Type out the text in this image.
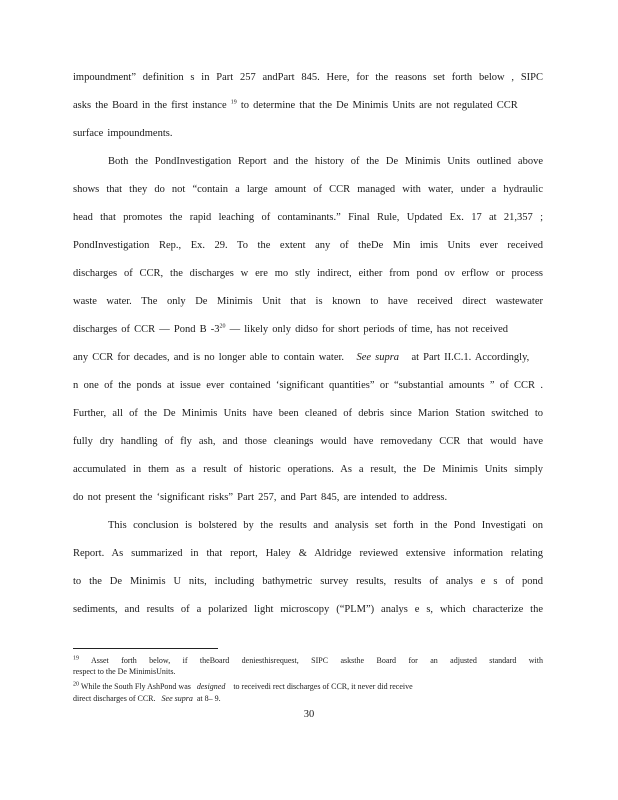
impoundment” definition s in Part 257 andPart 845. Here, for the reasons set forth below , SIPC
asks the Board in the first instance $^{19}$ to determine that the De Minimis Units are not regulated CCR
surface impoundments.
Both the PondInvestigation Report and the history of the De Minimis Units outlined above
shows that they do not “contain a large amount of CCR managed with water, under a hydraulic
head that promotes the rapid leaching of contaminants.” Final Rule, Updated Ex. 17 at 21,357 ;
PondInvestigation Rep., Ex. 29. To the extent any of theDe Min imis Units ever received
discharges of CCR, the discharges w ere mo stly indirect, either from pond ov erflow or process
waste water. The only De Minimis Unit that is known to have received direct wastewater
discharges of CCR — Pond B -3$^{20}$ — likely only didso for short periods of time, has not received
any CCR for decades, and is no longer able to contain water. See supra at Part II.C.1. Accordingly,
n one of the ponds at issue ever contained ‘significant quantities” or “substantial amounts ” of CCR .
Further, all of the De Minimis Units have been cleaned of debris since Marion Station switched to
fully dry handling of fly ash, and those cleanings would have removedany CCR that would have
accumulated in them as a result of historic operations. As a result, the De Minimis Units simply
do not present the ‘significant risks” Part 257, and Part 845, are intended to address.
This conclusion is bolstered by the results and analysis set forth in the Pond Investigati on
Report. As summarized in that report, Haley & Aldridge reviewed extensive information relating
to the De Minimis U nits, including bathymetric survey results, results of analys e s of pond
sediments, and results of a polarized light microscopy (“PLM”) analys e s, which characterize the
$^{19}$ Asset forth below, if theBoard deniesthisrequest, SIPC asksthe Board for an adjusted standard with
respect to the De MinimisUnits.
$^{20}$ While the South Fly AshPond was designed to receivedi rect discharges of CCR, it never did receive
direct discharges of CCR. See supra at 8– 9.
30
